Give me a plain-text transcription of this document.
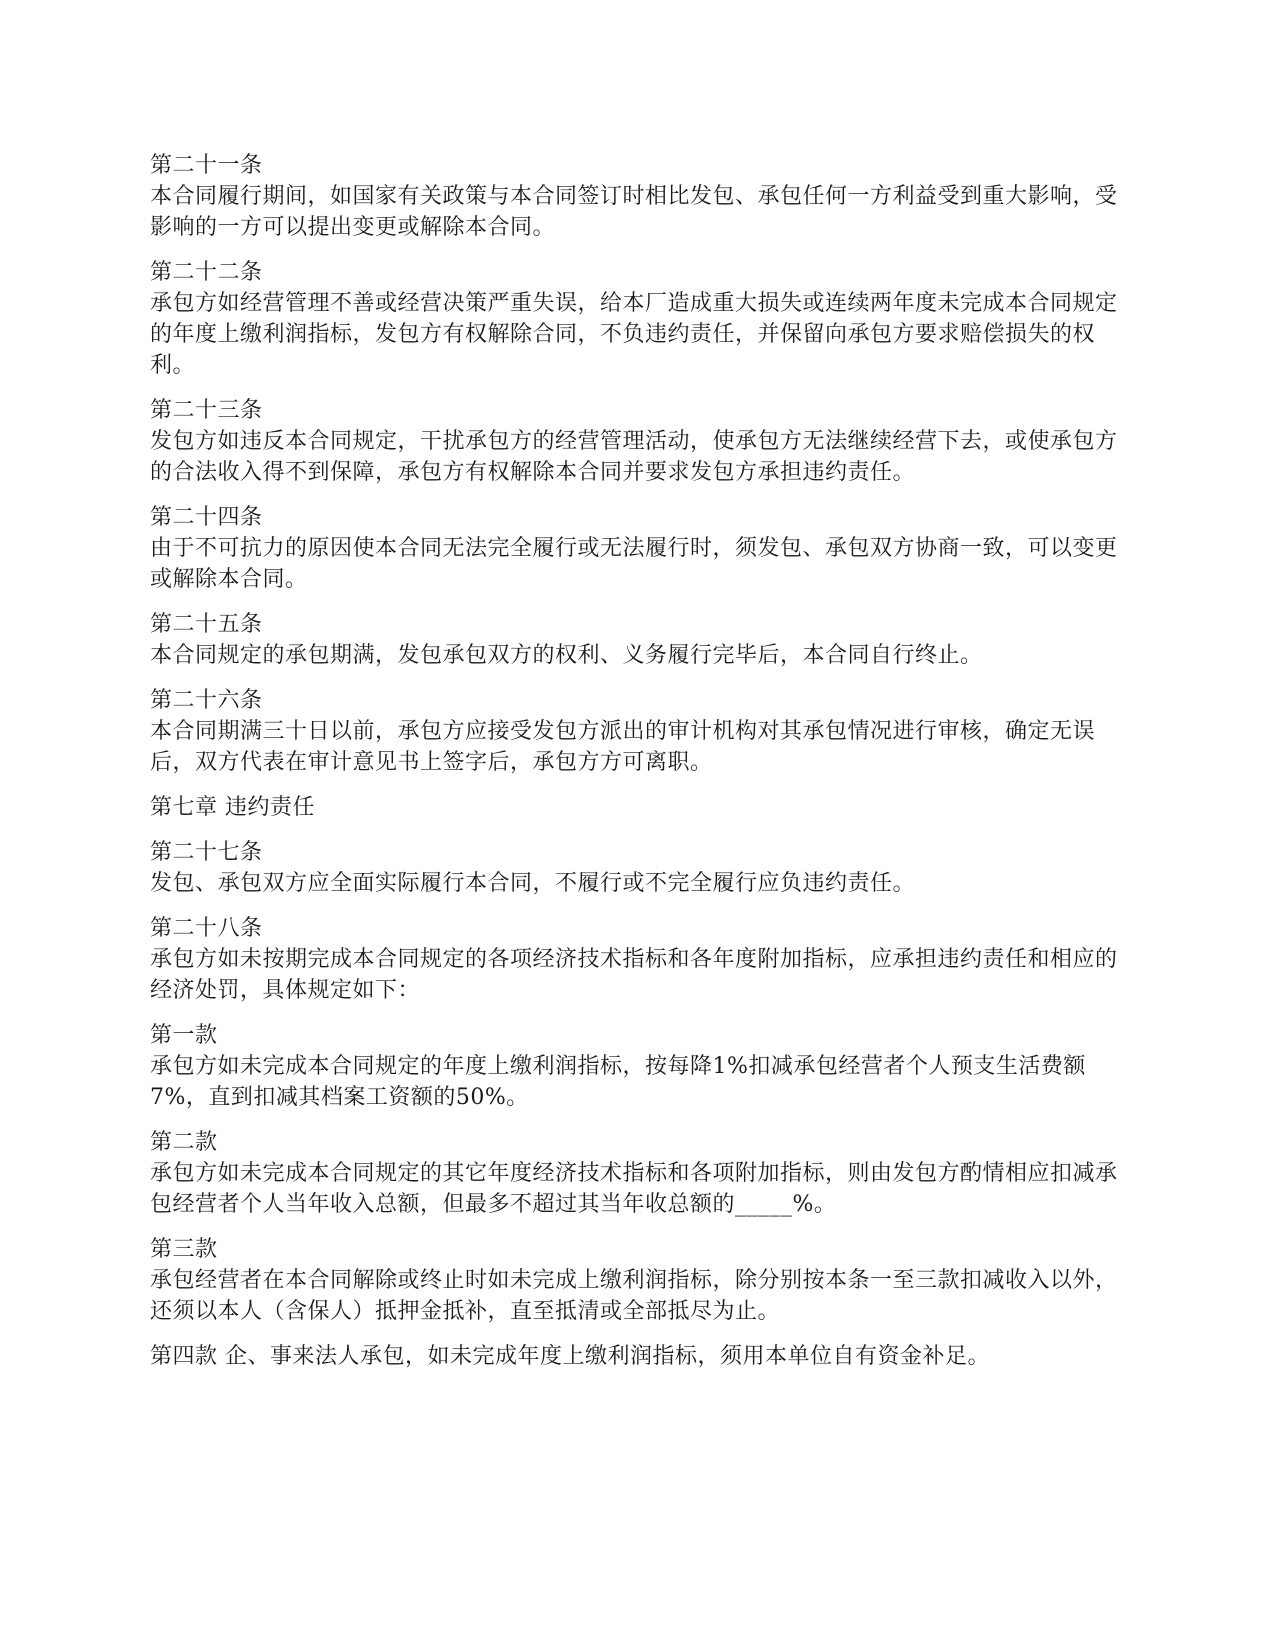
第二十一条
本合同履行期间，如国家有关政策与本合同签订时相比发包、承包任何一方利益受到重大影响，受影响的一方可以提出变更或解除本合同。
第二十二条
承包方如经营管理不善或经营决策严重失误，给本厂造成重大损失或连续两年度未完成本合同规定的年度上缴利润指标，发包方有权解除合同，不负违约责任，并保留向承包方要求赔偿损失的权利。
第二十三条
发包方如违反本合同规定，干扰承包方的经营管理活动，使承包方无法继续经营下去，或使承包方的合法收入得不到保障，承包方有权解除本合同并要求发包方承担违约责任。
第二十四条
由于不可抗力的原因使本合同无法完全履行或无法履行时，须发包、承包双方协商一致，可以变更或解除本合同。
第二十五条
本合同规定的承包期满，发包承包双方的权利、义务履行完毕后，本合同自行终止。
第二十六条
本合同期满三十日以前，承包方应接受发包方派出的审计机构对其承包情况进行审核，确定无误后，双方代表在审计意见书上签字后，承包方方可离职。
第七章 违约责任
第二十七条
发包、承包双方应全面实际履行本合同，不履行或不完全履行应负违约责任。
第二十八条
承包方如未按期完成本合同规定的各项经济技术指标和各年度附加指标，应承担违约责任和相应的经济处罚，具体规定如下：
第一款
承包方如未完成本合同规定的年度上缴利润指标，按每降1%扣减承包经营者个人预支生活费额7%，直到扣减其档案工资额的50%。
第二款
承包方如未完成本合同规定的其它年度经济技术指标和各项附加指标，则由发包方酌情相应扣减承包经营者个人当年收入总额，但最多不超过其当年收总额的_____%。
第三款
承包经营者在本合同解除或终止时如未完成上缴利润指标，除分别按本条一至三款扣减收入以外，还须以本人（含保人）抵押金抵补，直至抵清或全部抵尽为止。
第四款 企、事来法人承包，如未完成年度上缴利润指标，须用本单位自有资金补足。
